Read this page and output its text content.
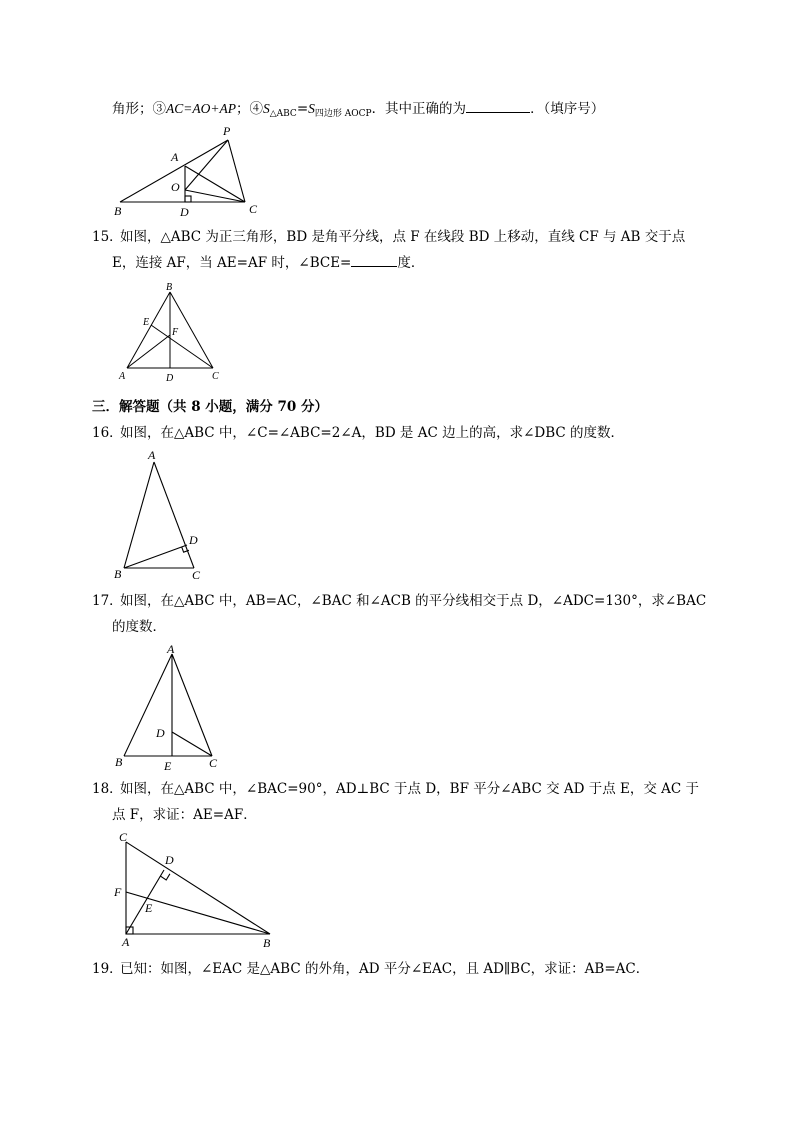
角形；③AC=AO+AP；$④S_{\triangle ABC}=S_{四边形 AOCP}$．其中正确的为	．（填序号）
P
A
O
B	D	C
15．
如图，△ABC 为正三角形，BD 是角平分线，点 F 在线段 BD 上移动，直线 CF 与 AB 交于点
E，连接 AF，当 AE=AF 时，∠BCE=	度．
B
E
F
A	D	C
三．解答题（共 8 小题，满分 70 分）
16．
如图，在△ABC 中，∠C=∠ABC=2∠A，BD 是 AC 边上的高，求∠DBC 的度数．
A
D
B	C
17．
如图，在△ABC 中，AB=AC，∠BAC 和∠ACB 的平分线相交于点 D，∠ADC=130°，求∠BAC
的度数．
A
D
B	E	C
18．
如图，在△ABC 中，∠BAC=90°，AD⊥BC 于点 D，BF 平分∠ABC 交 AD 于点 E，交 AC 于
点 F，求证：AE=AF．
C
D
F
E
A	B
19．
已知：如图，∠EAC 是△ABC 的外角，AD 平分∠EAC，且 AD∥BC，求证：AB=AC．
